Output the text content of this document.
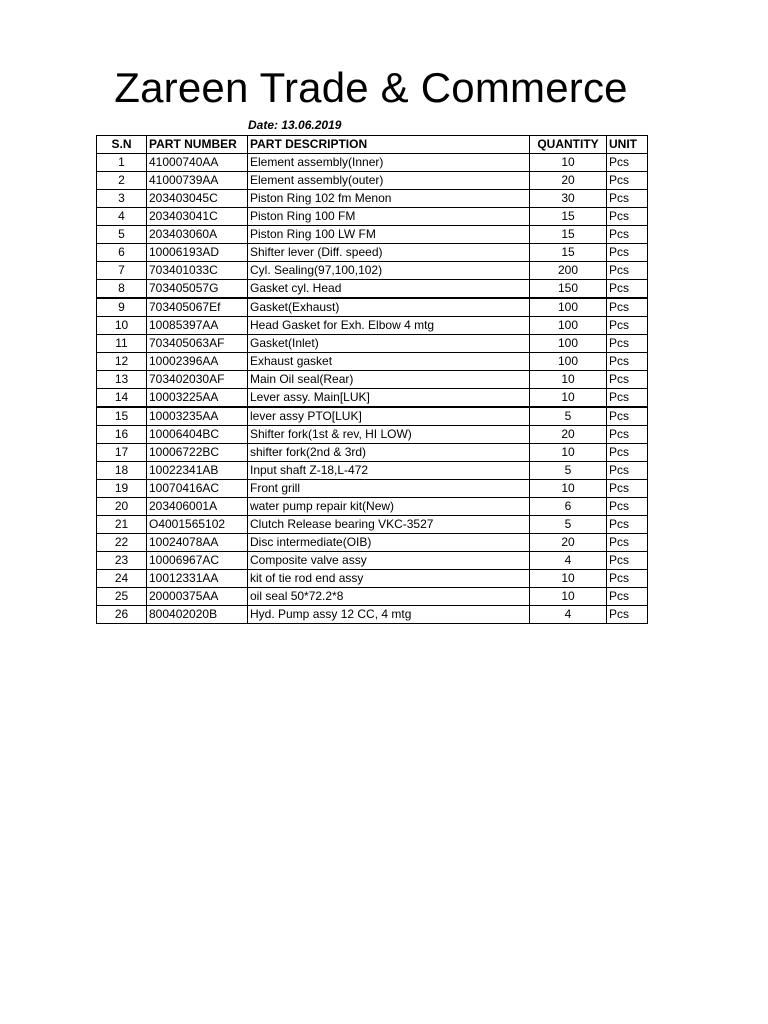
Zareen Trade & Commerce
Date: 13.06.2019
S.N	PART NUMBER	PART DESCRIPTION	QUANTITY	UNIT
1	41000740AA	Element assembly(Inner)	10	Pcs
2	41000739AA	Element assembly(outer)	20	Pcs
3	203403045C	Piston Ring 102 fm Menon	30	Pcs
4	203403041C	Piston Ring 100 FM	15	Pcs
5	203403060A	Piston Ring 100 LW FM	15	Pcs
6	10006193AD	Shifter lever (Diff. speed)	15	Pcs
7	703401033C	Cyl. Sealing(97,100,102)	200	Pcs
8	703405057G	Gasket cyl. Head	150	Pcs
9	703405067Ef	Gasket(Exhaust)	100	Pcs
10	10085397AA	Head Gasket for Exh. Elbow 4 mtg	100	Pcs
11	703405063AF	Gasket(Inlet)	100	Pcs
12	10002396AA	Exhaust gasket	100	Pcs
13	703402030AF	Main Oil seal(Rear)	10	Pcs
14	10003225AA	Lever assy. Main[LUK]	10	Pcs
15	10003235AA	lever assy PTO[LUK]	5	Pcs
16	10006404BC	Shifter fork(1st & rev, HI LOW)	20	Pcs
17	10006722BC	shifter fork(2nd & 3rd)	10	Pcs
18	10022341AB	Input shaft Z-18,L-472	5	Pcs
19	10070416AC	Front grill	10	Pcs
20	203406001A	water pump repair kit(New)	6	Pcs
21	O4001565102	Clutch Release bearing VKC-3527	5	Pcs
22	10024078AA	Disc intermediate(OIB)	20	Pcs
23	10006967AC	Composite valve assy	4	Pcs
24	10012331AA	kit of tie rod end assy	10	Pcs
25	20000375AA	oil seal 50*72.2*8	10	Pcs
26	800402020B	Hyd. Pump assy 12 CC, 4 mtg	4	Pcs
